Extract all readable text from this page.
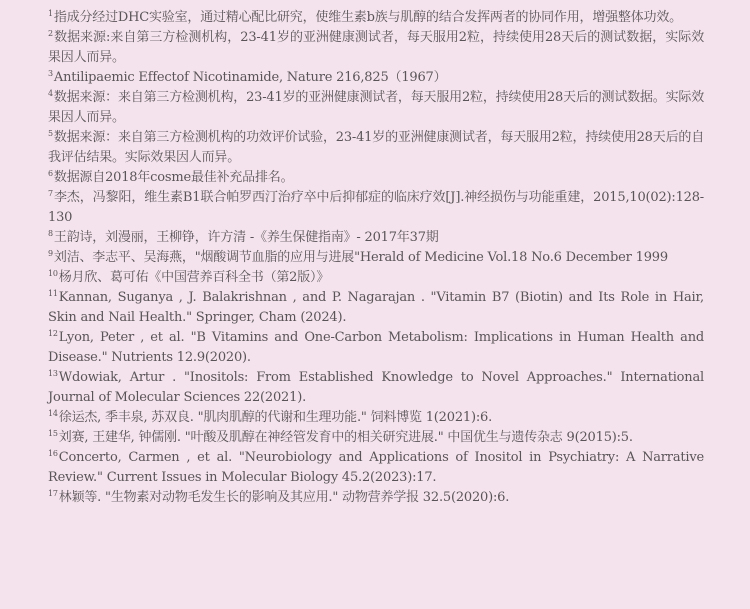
$^1$指成分经过DHC实验室，通过精心配比研究，使维生素b族与肌醇的结合发挥两者的协同作用，增强整体功效。
$^2$数据来源:来自第三方检测机构，23-41岁的亚洲健康测试者，每天服用2粒，持续使用28天后的测试数据，实际效果因人而异。
$^3$Antilipaemic Effectof Nicotinamide, Nature 216,825（1967）
$^4$数据来源：来自第三方检测机构，23-41岁的亚洲健康测试者，每天服用2粒，持续使用28天后的测试数据。实际效果因人而异。
$^5$数据来源：来自第三方检测机构的功效评价试验，23-41岁的亚洲健康测试者，每天服用2粒，持续使用28天后的自我评估结果。实际效果因人而异。
$^6$数据源自2018年cosme最佳补充品排名。
$^7$李杰，冯黎阳，维生素B1联合帕罗西汀治疗卒中后抑郁症的临床疗效[J].神经损伤与功能重建，2015,10(02):128-130
$^8$王韵诗，刘漫丽，王柳铮，许方清 -《养生保健指南》- 2017年37期
$^9$刘洁、李志平、吴海燕，"烟酸调节血脂的应用与进展"Herald of Medicine Vol.18 No.6 December 1999
$^{10}$杨月欣、葛可佑《中国营养百科全书（第2版）》
$^{11}$Kannan, Suganya , J. Balakrishnan , and P. Nagarajan . "Vitamin B7 (Biotin) and Its Role in Hair, Skin and Nail Health." Springer, Cham (2024).
$^{12}$Lyon, Peter , et al. "B Vitamins and One-Carbon Metabolism: Implications in Human Health and Disease." Nutrients 12.9(2020).
$^{13}$Wdowiak, Artur . "Inositols: From Established Knowledge to Novel Approaches." International Journal of Molecular Sciences 22(2021).
$^{14}$徐运杰, 季丰泉, 苏双良. "肌肉肌醇的代谢和生理功能." 饲料博览 1(2021):6.
$^{15}$刘赛, 王建华, 钟儒刚. "叶酸及肌醇在神经管发育中的相关研究进展." 中国优生与遗传杂志 9(2015):5.
$^{16}$Concerto, Carmen , et al. "Neurobiology and Applications of Inositol in Psychiatry: A Narrative Review." Current Issues in Molecular Biology 45.2(2023):17.
$^{17}$林颖等. "生物素对动物毛发生长的影响及其应用." 动物营养学报 32.5(2020):6.
